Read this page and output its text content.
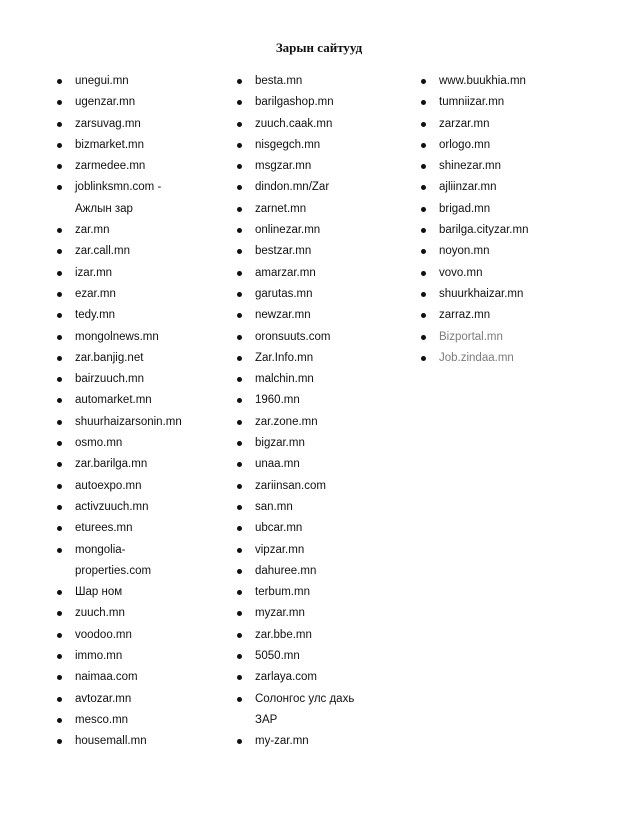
Зарын сайтууд
unegui.mn
ugenzar.mn
zarsuvag.mn
bizmarket.mn
zarmedee.mn
joblinksmn.com -
Ажлын зар
zar.mn
zar.call.mn
izar.mn
ezar.mn
tedy.mn
mongolnews.mn
zar.banjig.net
bairzuuch.mn
automarket.mn
shuurhaizarsonin.mn
osmo.mn
zar.barilga.mn
autoexpo.mn
activzuuch.mn
eturees.mn
mongolia-
properties.com
Шар ном
zuuch.mn
voodoo.mn
immo.mn
naimaa.com
avtozar.mn
mesco.mn
housemall.mn
besta.mn
barilgashop.mn
zuuch.caak.mn
nisgegch.mn
msgzar.mn
dindon.mn/Zar
zarnet.mn
onlinezar.mn
bestzar.mn
amarzar.mn
garutas.mn
newzar.mn
oronsuuts.com
Zar.Info.mn
malchin.mn
1960.mn
zar.zone.mn
bigzar.mn
unaa.mn
zariinsan.com
san.mn
ubcar.mn
vipzar.mn
dahuree.mn
terbum.mn
myzar.mn
zar.bbe.mn
5050.mn
zarlaya.com
Солонгос улс дахь
ЗАР
my-zar.mn
www.buukhia.mn
tumniizar.mn
zarzar.mn
orlogo.mn
shinezar.mn
ajliinzar.mn
brigad.mn
barilga.cityzar.mn
noyon.mn
vovo.mn
shuurkhaizar.mn
zarraz.mn
Bizportal.mn
Job.zindaa.mn
